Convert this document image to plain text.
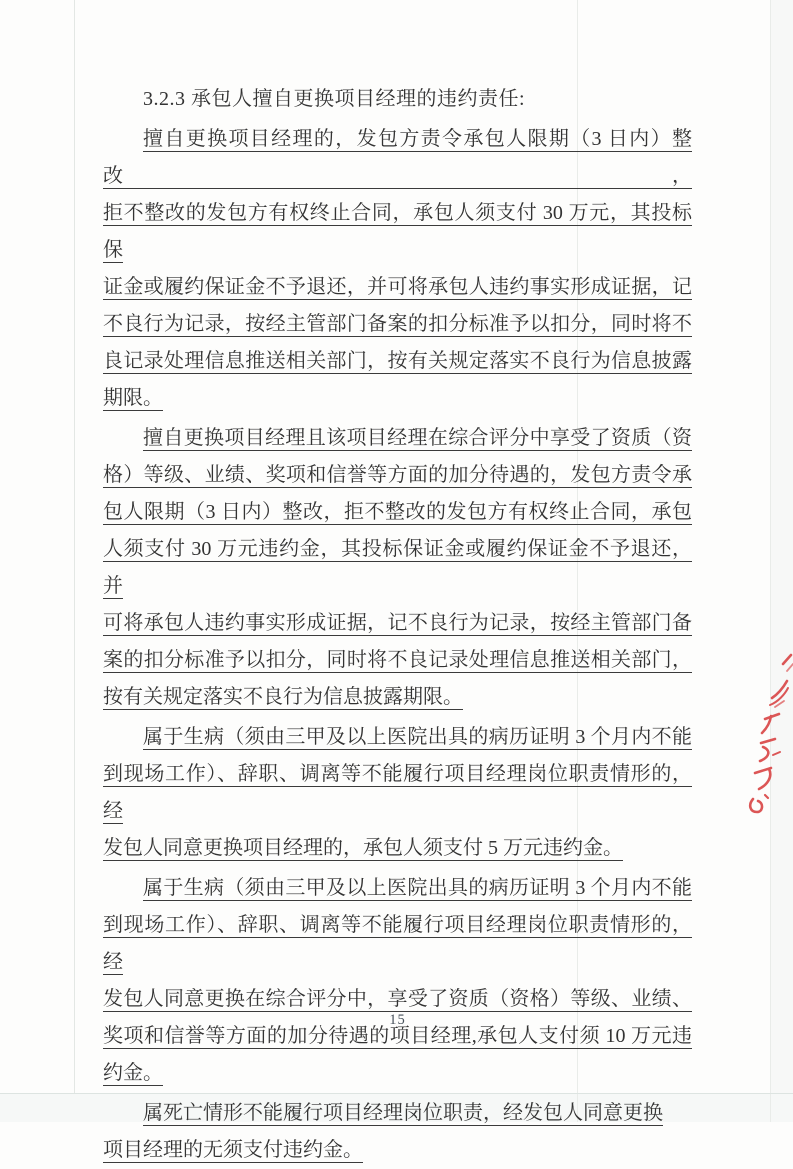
3.2.3 承包人擅自更换项目经理的违约责任:
擅自更换项目经理的，发包方责令承包人限期（3 日内）整改，
拒不整改的发包方有权终止合同，承包人须支付 30 万元，其投标保
证金或履约保证金不予退还，并可将承包人违约事实形成证据，记
不良行为记录，按经主管部门备案的扣分标准予以扣分，同时将不
良记录处理信息推送相关部门，按有关规定落实不良行为信息披露
期限。
擅自更换项目经理且该项目经理在综合评分中享受了资质（资
格）等级、业绩、奖项和信誉等方面的加分待遇的，发包方责令承
包人限期（3 日内）整改，拒不整改的发包方有权终止合同，承包
人须支付 30 万元违约金，其投标保证金或履约保证金不予退还，并
可将承包人违约事实形成证据，记不良行为记录，按经主管部门备
案的扣分标准予以扣分，同时将不良记录处理信息推送相关部门，
按有关规定落实不良行为信息披露期限。
属于生病（须由三甲及以上医院出具的病历证明 3 个月内不能
到现场工作）、辞职、调离等不能履行项目经理岗位职责情形的，经
发包人同意更换项目经理的，承包人须支付 5 万元违约金。
属于生病（须由三甲及以上医院出具的病历证明 3 个月内不能
到现场工作）、辞职、调离等不能履行项目经理岗位职责情形的，经
发包人同意更换在综合评分中，享受了资质（资格）等级、业绩、
奖项和信誉等方面的加分待遇的项目经理,承包人支付须 10 万元违
约金。
属死亡情形不能履行项目经理岗位职责，经发包人同意更换
项目经理的无须支付违约金。
15
